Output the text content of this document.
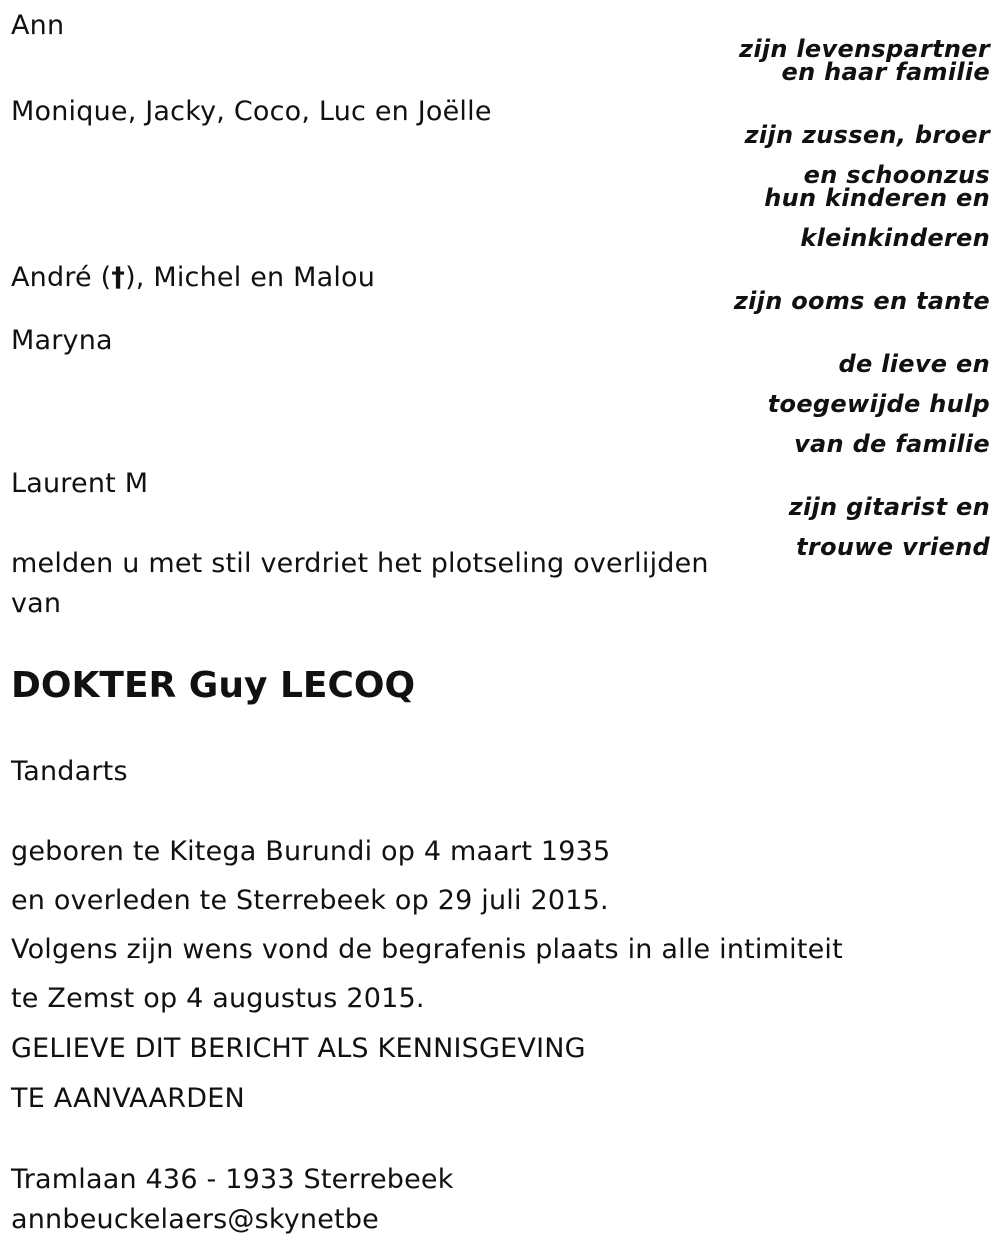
Ann
Monique, Jacky, Coco, Luc en Joëlle
André (†), Michel en Malou
Maryna
Laurent M
melden u met stil verdriet het plotseling overlijden
van
zijn levenspartner
en haar familie
zijn zussen, broer
en schoonzus
hun kinderen en
kleinkinderen
zijn ooms en tante
de lieve en
toegewijde hulp
van de familie
zijn gitarist en
trouwe vriend
DOKTER Guy LECOQ
Tandarts
geboren te Kitega Burundi op 4 maart 1935
en overleden te Sterrebeek op 29 juli 2015.
Volgens zijn wens vond de begrafenis plaats in alle intimiteit
te Zemst op 4 augustus 2015.
GELIEVE DIT BERICHT ALS KENNISGEVING
TE AANVAARDEN
Tramlaan 436 - 1933 Sterrebeek
annbeuckelaers@skynetbe
